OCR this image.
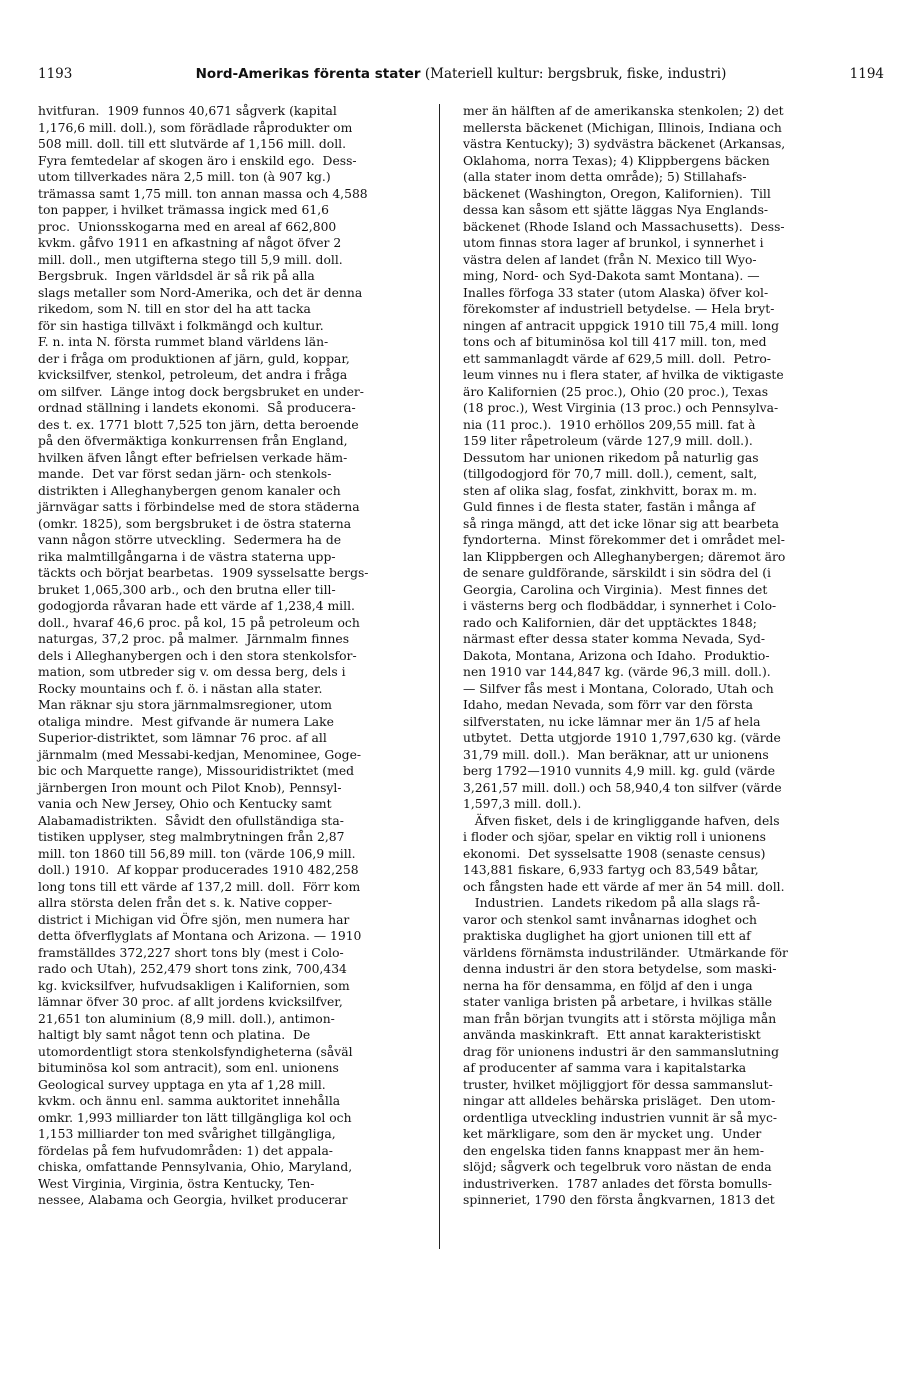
1193	Nord-Amerikas förenta stater (Materiell kultur: bergsbruk, fiske, industri)	1194
hvitfuran.  1909 funnos 40,671 sågverk (kapital
1,176,6 mill. doll.), som förädlade råprodukter om
508 mill. doll. till ett slutvärde af 1,156 mill. doll.
Fyra femtedelar af skogen äro i enskild ego.  Dess-
utom tillverkades nära 2,5 mill. ton (à 907 kg.)
trämassa samt 1,75 mill. ton annan massa och 4,588
ton papper, i hvilket trämassa ingick med 61,6
proc.  Unionsskogarna med en areal af 662,800
kvkm. gåfvo 1911 en afkastning af något öfver 2
mill. doll., men utgifterna stego till 5,9 mill. doll.
Bergsbruk.  Ingen världsdel är så rik på alla
slags metaller som Nord-Amerika, och det är denna
rikedom, som N. till en stor del ha att tacka
för sin hastiga tillväxt i folkmängd och kultur.
F. n. inta N. första rummet bland världens län-
der i fråga om produktionen af järn, guld, koppar,
kvicksilfver, stenkol, petroleum, det andra i fråga
om silfver.  Länge intog dock bergsbruket en under-
ordnad ställning i landets ekonomi.  Så producera-
des t. ex. 1771 blott 7,525 ton järn, detta beroende
på den öfvermäktiga konkurrensen från England,
hvilken äfven långt efter befrielsen verkade häm-
mande.  Det var först sedan järn- och stenkols-
distrikten i Alleghanybergen genom kanaler och
järnvägar satts i förbindelse med de stora städerna
(omkr. 1825), som bergsbruket i de östra staterna
vann någon större utveckling.  Sedermera ha de
rika malmtillgångarna i de västra staterna upp-
täckts och börjat bearbetas.  1909 sysselsatte bergs-
bruket 1,065,300 arb., och den brutna eller till-
godogjorda råvaran hade ett värde af 1,238,4 mill.
doll., hvaraf 46,6 proc. på kol, 15 på petroleum och
naturgas, 37,2 proc. på malmer.  Järnmalm finnes
dels i Alleghanybergen och i den stora stenkolsfor-
mation, som utbreder sig v. om dessa berg, dels i
Rocky mountains och f. ö. i nästan alla stater.
Man räknar sju stora järnmalmsregioner, utom
otaliga mindre.  Mest gifvande är numera Lake
Superior-distriktet, som lämnar 76 proc. af all
järnmalm (med Messabi-kedjan, Menominee, Goge-
bic och Marquette range), Missouridistriktet (med
järnbergen Iron mount och Pilot Knob), Pennsyl-
vania och New Jersey, Ohio och Kentucky samt
Alabamadistrikten.  Såvidt den ofullständiga sta-
tistiken upplyser, steg malmbrytningen från 2,87
mill. ton 1860 till 56,89 mill. ton (värde 106,9 mill.
doll.) 1910.  Af koppar producerades 1910 482,258
long tons till ett värde af 137,2 mill. doll.  Förr kom
allra största delen från det s. k. Native copper-
district i Michigan vid Öfre sjön, men numera har
detta öfverflyglats af Montana och Arizona. — 1910
framställdes 372,227 short tons bly (mest i Colo-
rado och Utah), 252,479 short tons zink, 700,434
kg. kvicksilfver, hufvudsakligen i Kalifornien, som
lämnar öfver 30 proc. af allt jordens kvicksilfver,
21,651 ton aluminium (8,9 mill. doll.), antimon-
haltigt bly samt något tenn och platina.  De
utomordentligt stora stenkolsfyndigheterna (såväl
bituminösa kol som antracit), som enl. unionens
Geological survey upptaga en yta af 1,28 mill.
kvkm. och ännu enl. samma auktoritet innehålla
omkr. 1,993 milliarder ton lätt tillgängliga kol och
1,153 milliarder ton med svårighet tillgängliga,
fördelas på fem hufvudområden: 1) det appala-
chiska, omfattande Pennsylvania, Ohio, Maryland,
West Virginia, Virginia, östra Kentucky, Ten-
nessee, Alabama och Georgia, hvilket producerar
mer än hälften af de amerikanska stenkolen; 2) det
mellersta bäckenet (Michigan, Illinois, Indiana och
västra Kentucky); 3) sydvästra bäckenet (Arkansas,
Oklahoma, norra Texas); 4) Klippbergens bäcken
(alla stater inom detta område); 5) Stillahafs-
bäckenet (Washington, Oregon, Kalifornien).  Till
dessa kan såsom ett sjätte läggas Nya Englands-
bäckenet (Rhode Island och Massachusetts).  Dess-
utom finnas stora lager af brunkol, i synnerhet i
västra delen af landet (från N. Mexico till Wyo-
ming, Nord- och Syd-Dakota samt Montana). —
Inalles förfoga 33 stater (utom Alaska) öfver kol-
förekomster af industriell betydelse. — Hela bryt-
ningen af antracit uppgick 1910 till 75,4 mill. long
tons och af bituminösa kol till 417 mill. ton, med
ett sammanlagdt värde af 629,5 mill. doll.  Petro-
leum vinnes nu i flera stater, af hvilka de viktigaste
äro Kalifornien (25 proc.), Ohio (20 proc.), Texas
(18 proc.), West Virginia (13 proc.) och Pennsylva-
nia (11 proc.).  1910 erhöllos 209,55 mill. fat à
159 liter råpetroleum (värde 127,9 mill. doll.).
Dessutom har unionen rikedom på naturlig gas
(tillgodogjord för 70,7 mill. doll.), cement, salt,
sten af olika slag, fosfat, zinkhvitt, borax m. m.
Guld finnes i de flesta stater, fastän i många af
så ringa mängd, att det icke lönar sig att bearbeta
fyndorterna.  Minst förekommer det i området mel-
lan Klippbergen och Alleghanybergen; däremot äro
de senare guldförande, särskildt i sin södra del (i
Georgia, Carolina och Virginia).  Mest finnes det
i västerns berg och flodbäddar, i synnerhet i Colo-
rado och Kalifornien, där det upptäcktes 1848;
närmast efter dessa stater komma Nevada, Syd-
Dakota, Montana, Arizona och Idaho.  Produktio-
nen 1910 var 144,847 kg. (värde 96,3 mill. doll.).
— Silfver fås mest i Montana, Colorado, Utah och
Idaho, medan Nevada, som förr var den första
silfverstaten, nu icke lämnar mer än 1/5 af hela
utbytet.  Detta utgjorde 1910 1,797,630 kg. (värde
31,79 mill. doll.).  Man beräknar, att ur unionens
berg 1792—1910 vunnits 4,9 mill. kg. guld (värde
3,261,57 mill. doll.) och 58,940,4 ton silfver (värde
1,597,3 mill. doll.).
Äfven fisket, dels i de kringliggande hafven, dels
i floder och sjöar, spelar en viktig roll i unionens
ekonomi.  Det sysselsatte 1908 (senaste census)
143,881 fiskare, 6,933 fartyg och 83,549 båtar,
och fångsten hade ett värde af mer än 54 mill. doll.
Industrien.  Landets rikedom på alla slags rå-
varor och stenkol samt invånarnas idoghet och
praktiska duglighet ha gjort unionen till ett af
världens förnämsta industriländer.  Utmärkande för
denna industri är den stora betydelse, som maski-
nerna ha för densamma, en följd af den i unga
stater vanliga bristen på arbetare, i hvilkas ställe
man från början tvungits att i största möjliga mån
använda maskinkraft.  Ett annat karakteristiskt
drag för unionens industri är den sammanslutning
af producenter af samma vara i kapitalstarka
truster, hvilket möjliggjort för dessa sammanslut-
ningar att alldeles behärska prisläget.  Den utom-
ordentliga utveckling industrien vunnit är så myc-
ket märkligare, som den är mycket ung.  Under
den engelska tiden fanns knappast mer än hem-
slöjd; sågverk och tegelbruk voro nästan de enda
industriverken.  1787 anlades det första bomulls-
spinneriet, 1790 den första ångkvarnen, 1813 det
